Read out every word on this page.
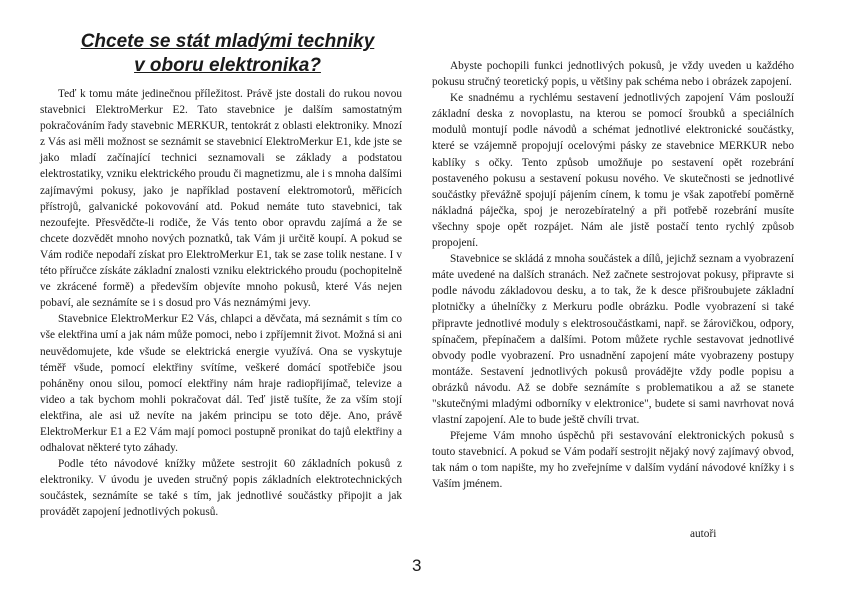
Chcete se stát mladými techniky
v oboru elektronika?

Teď k tomu máte jedinečnou příležitost. Právě jste dostali do rukou novou stavebnici ElektroMerkur E2. Tato stavebnice je dalším samostatným pokračováním řady stavebnic MERKUR, tentokrát z oblasti elektroniky. Mnozí z Vás asi měli možnost se seznámit se stavebnicí ElektroMerkur E1, kde jste se jako mladí začínající technici seznamovali se základy a podstatou elektrostatiky, vzniku elektrického proudu či magnetizmu, ale i s mnoha dalšími zajímavými pokusy, jako je například postavení elektromotorů, měřicích přístrojů, galvanické pokovování atd. Pokud nemáte tuto stavebnici, tak nezoufejte. Přesvědčte-li rodiče, že Vás tento obor opravdu zajímá a že se chcete dozvědět mnoho nových poznatků, tak Vám ji určitě koupí. A pokud se Vám rodiče nepodaří získat pro ElektroMerkur E1, tak se zase tolik nestane. I v této příručce získáte základní znalosti vzniku elektrického proudu (pochopitelně ve zkrácené formě) a především objevíte mnoho pokusů, které Vás nejen pobaví, ale seznámíte se i s dosud pro Vás neznámými jevy.

Stavebnice ElektroMerkur E2 Vás, chlapci a děvčata, má seznámit s tím co vše elektřina umí a jak nám může pomoci, nebo i zpříjemnit život. Možná si ani neuvědomujete, kde všude se elektrická energie využívá. Ona se vyskytuje téměř všude, pomocí elektřiny svítíme, veškeré domácí spotřebiče jsou poháněny onou silou, pomocí elektřiny nám hraje radiopřijímač, televize a video a tak bychom mohli pokračovat dál. Teď jistě tušíte, že za vším stojí elektřina, ale asi už nevíte na jakém principu se toto děje. Ano, právě ElektroMerkur E1 a E2 Vám mají pomoci postupně pronikat do tajů elektřiny a odhalovat některé tyto záhady.

Podle této návodové knížky můžete sestrojit 60 základních pokusů z elektroniky. V úvodu je uveden stručný popis základních elektrotechnických součástek, seznámíte se také s tím, jak jednotlivé součástky připojit a jak provádět zapojení jednotlivých pokusů.

Abyste pochopili funkci jednotlivých pokusů, je vždy uveden u každého pokusu stručný teoretický popis, u většiny pak schéma nebo i obrázek zapojení.

Ke snadnému a rychlému sestavení jednotlivých zapojení Vám poslouží základní deska z novoplastu, na kterou se pomocí šroubků a speciálních modulů montují podle návodů a schémat jednotlivé elektronické součástky, které se vzájemně propojují ocelovými pásky ze stavebnice MERKUR nebo kablíky s očky. Tento způsob umožňuje po sestavení opět rozebrání postaveného pokusu a sestavení pokusu nového. Ve skutečnosti se jednotlivé součástky převážně spojují pájením cínem, k tomu je však zapotřebí poměrně nákladná páječka, spoj je nerozebíratelný a při potřebě rozebrání musíte všechny spoje opět rozpájet. Nám ale jistě postačí tento rychlý způsob propojení.

Stavebnice se skládá z mnoha součástek a dílů, jejichž seznam a vyobrazení máte uvedené na dalších stranách. Než začnete sestrojovat pokusy, připravte si podle návodu základovou desku, a to tak, že k desce přišroubujete základní plotničky a úhelníčky z Merkuru podle obrázku. Podle vyobrazení si také připravte jednotlivé moduly s elektrosoučástkami, např. se žárovičkou, odpory, spínačem, přepínačem a dalšími. Potom můžete rychle sestavovat jednotlivé obvody podle vyobrazení. Pro usnadnění zapojení máte vyobrazeny postupy montáže. Sestavení jednotlivých pokusů provádějte vždy podle popisu a obrázků návodu. Až se dobře seznámíte s problematikou a až se stanete "skutečnými mladými odborníky v elektronice", budete si sami navrhovat nová vlastní zapojení. Ale to bude ještě chvíli trvat.

Přejeme Vám mnoho úspěchů při sestavování elektronických pokusů s touto stavebnicí. A pokud se Vám podaří sestrojit nějaký nový zajímavý obvod, tak nám o tom napište, my ho zveřejníme v dalším vydání návodové knížky i s Vaším jménem.

autoři
3
